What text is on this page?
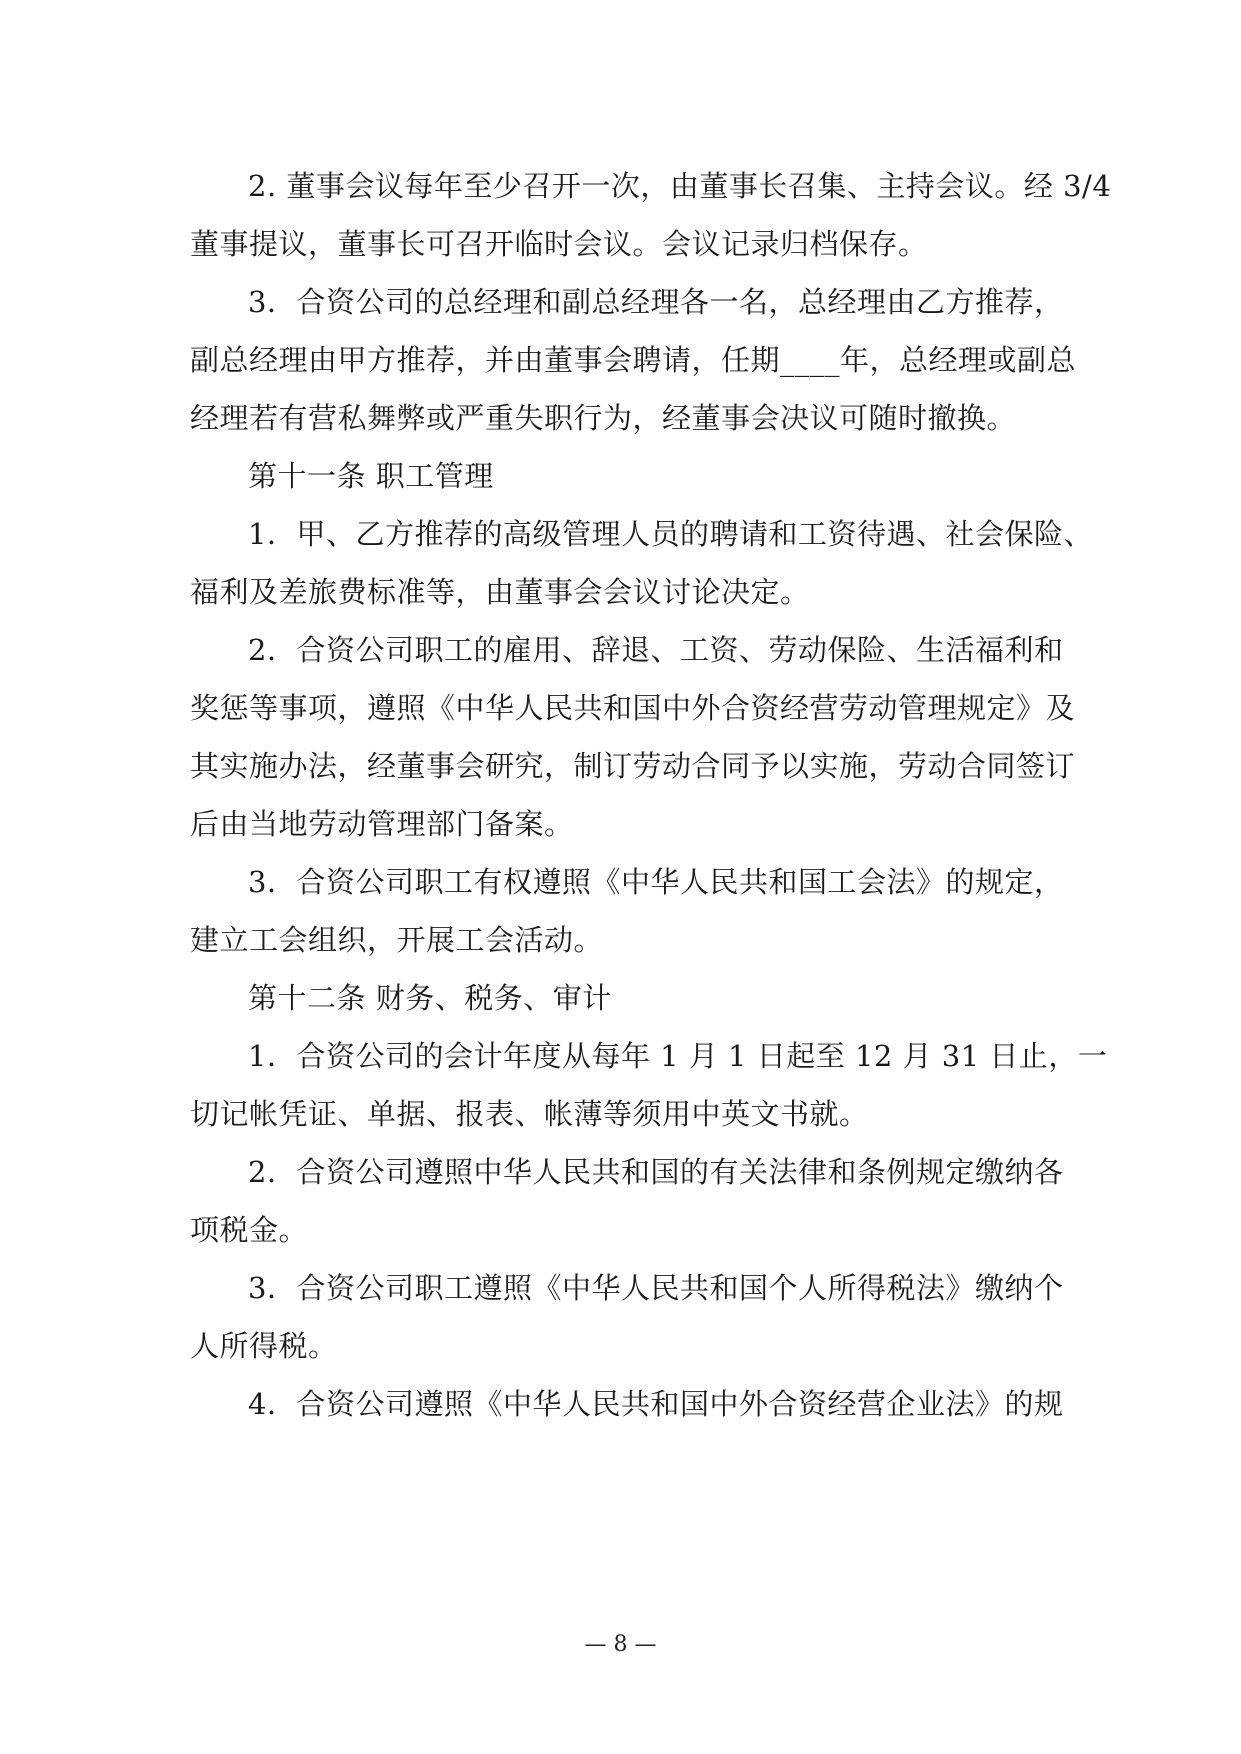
2. 董事会议每年至少召开一次，由董事长召集、主持会议。经 3/4
董事提议，董事长可召开临时会议。会议记录归档保存。
3．合资公司的总经理和副总经理各一名，总经理由乙方推荐，
副总经理由甲方推荐，并由董事会聘请，任期____年，总经理或副总
经理若有营私舞弊或严重失职行为，经董事会决议可随时撤换。
第十一条 职工管理
1．甲、乙方推荐的高级管理人员的聘请和工资待遇、社会保险、
福利及差旅费标准等，由董事会会议讨论决定。
2．合资公司职工的雇用、辞退、工资、劳动保险、生活福利和
奖惩等事项，遵照《中华人民共和国中外合资经营劳动管理规定》及
其实施办法，经董事会研究，制订劳动合同予以实施，劳动合同签订
后由当地劳动管理部门备案。
3．合资公司职工有权遵照《中华人民共和国工会法》的规定，
建立工会组织，开展工会活动。
第十二条 财务、税务、审计
1．合资公司的会计年度从每年 1 月 1 日起至 12 月 31 日止，一
切记帐凭证、单据、报表、帐薄等须用中英文书就。
2．合资公司遵照中华人民共和国的有关法律和条例规定缴纳各
项税金。
3．合资公司职工遵照《中华人民共和国个人所得税法》缴纳个
人所得税。
4．合资公司遵照《中华人民共和国中外合资经营企业法》的规
— 8 —
